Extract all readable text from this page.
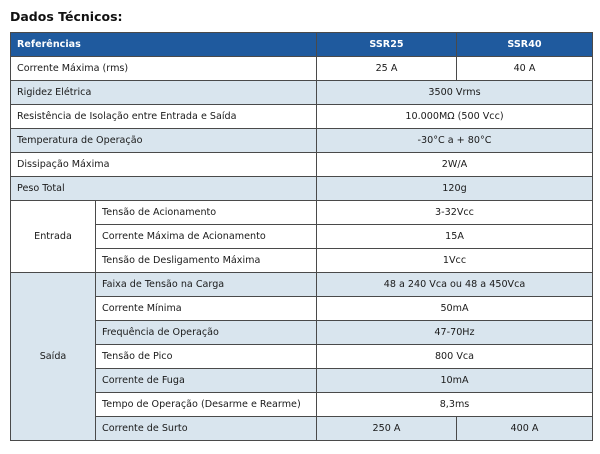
Dados Técnicos:
Referências		SSR25	SSR40
Corrente Máxima (rms)		25 A	40 A
Rigidez Elétrica		3500 Vrms	
Resistência de Isolação entre Entrada e Saída		10.000MΩ (500 Vcc)	
Temperatura de Operação		-30°C a + 80°C	
Dissipação Máxima		2W/A	
Peso Total		120g	
Entrada	Tensão de Acionamento	3-32Vcc	
	Corrente Máxima de Acionamento	15A	
	Tensão de Desligamento Máxima	1Vcc	
Saída	Faixa de Tensão na Carga	48 a 240 Vca ou 48 a 450Vca	
	Corrente Mínima	50mA	
	Frequência de Operação	47-70Hz	
	Tensão de Pico	800 Vca	
	Corrente de Fuga	10mA	
	Tempo de Operação (Desarme e Rearme)	8,3ms	
	Corrente de Surto	250 A	400 A
